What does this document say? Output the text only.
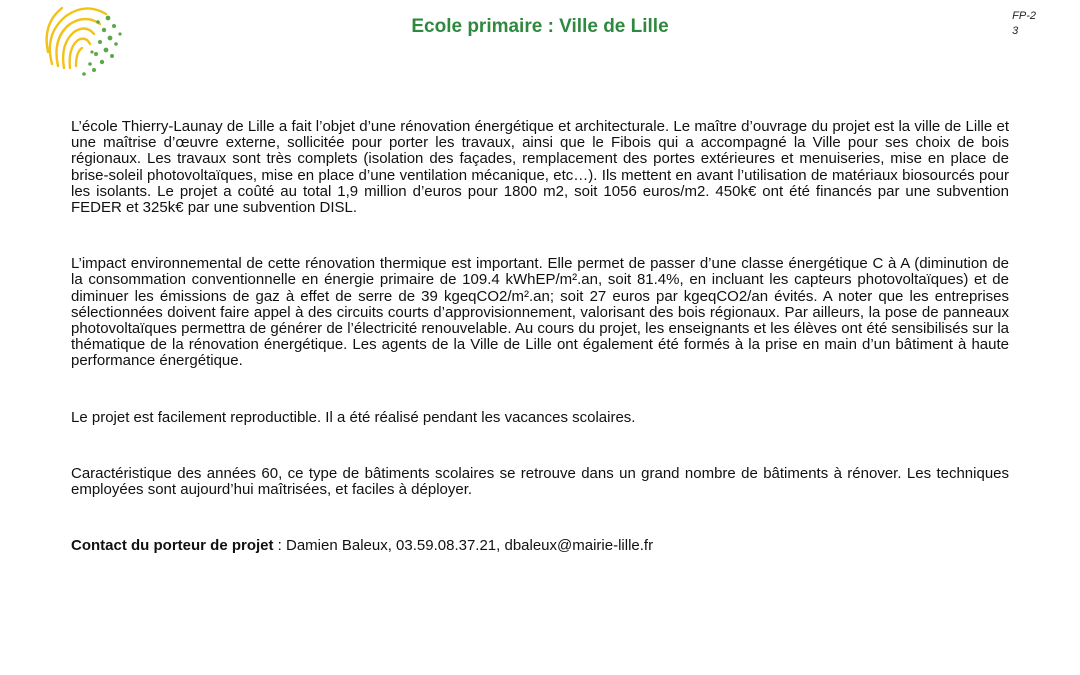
Ecole primaire : Ville de Lille	FP-2
3

L’école Thierry-Launay de Lille a fait l’objet d’une rénovation énergétique et architecturale. Le maître d’ouvrage du projet est la ville de Lille et une maîtrise d’œuvre externe, sollicitée pour porter les travaux, ainsi que le Fibois qui a accompagné la Ville pour ses choix de bois régionaux. Les travaux sont très complets (isolation des façades, remplacement des portes extérieures et menuiseries, mise en place de brise-soleil photovoltaïques, mise en place d’une ventilation mécanique, etc…). Ils mettent en avant l’utilisation de matériaux biosourcés pour les isolants. Le projet a coûté au total 1,9 million d’euros pour 1800 m2, soit 1056 euros/m2. 450k€ ont été financés par une subvention FEDER et 325k€ par une subvention DISL.

L’impact environnemental de cette rénovation thermique est important. Elle permet de passer d’une classe énergétique C à A (diminution de la consommation conventionnelle en énergie primaire de 109.4 kWhEP/m².an, soit 81.4%, en incluant les capteurs photovoltaïques) et de diminuer les émissions de gaz à effet de serre de 39 kgeqCO2/m².an; soit 27 euros par kgeqCO2/an évités. A noter que les entreprises sélectionnées doivent faire appel à des circuits courts d’approvisionnement, valorisant des bois régionaux. Par ailleurs, la pose de panneaux photovoltaïques permettra de générer de l’électricité renouvelable. Au cours du projet, les enseignants et les élèves ont été sensibilisés sur la thématique de la rénovation énergétique. Les agents de la Ville de Lille ont également été formés à la prise en main d’un bâtiment à haute performance énergétique.

Le projet est facilement reproductible. Il a été réalisé pendant les vacances scolaires.

Caractéristique des années 60, ce type de bâtiments scolaires se retrouve dans un grand nombre de bâtiments à rénover. Les techniques employées sont aujourd’hui maîtrisées, et faciles à déployer.

Contact du porteur de projet : Damien Baleux, 03.59.08.37.21, dbaleux@mairie-lille.fr
